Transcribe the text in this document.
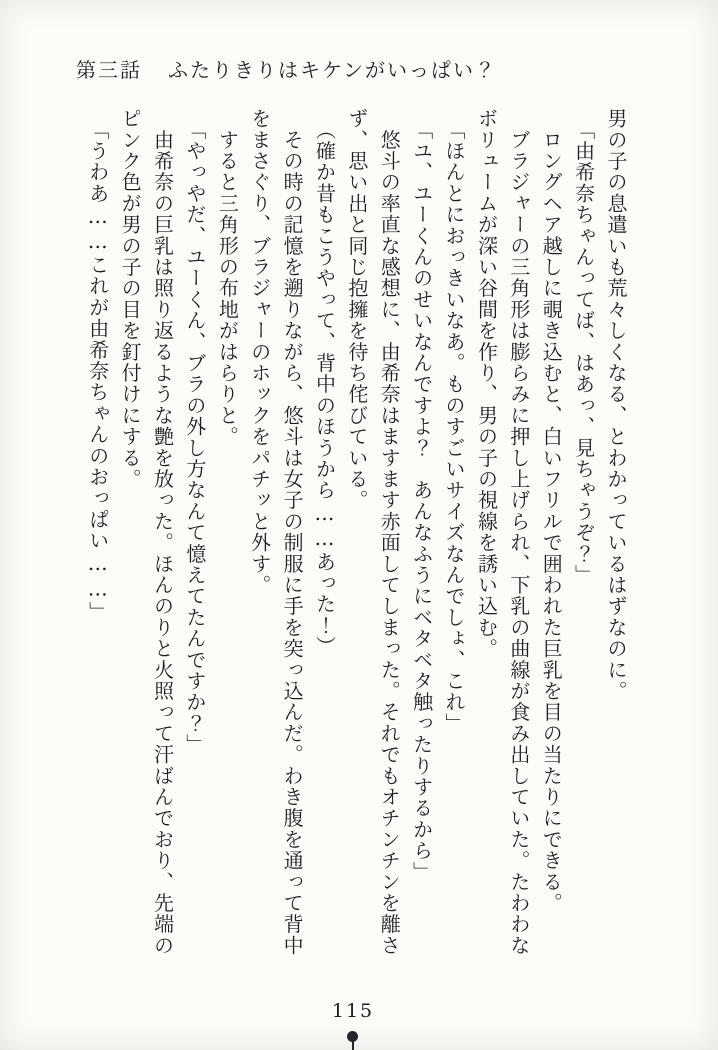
第三話 ふたりきりはキケンがいっぱい？

男の子の息遣いも荒々しくなる、とわかっているはずなのに。

　「由希奈ちゃんってば、はあっ、見ちゃうぞ？」

　ロングヘア越しに覗き込むと、白いフリルで囲われた巨乳を目の当たりにできる。

　ブラジャーの三角形は膨らみに押し上げられ、下乳の曲線が食み出していた。たわわな

ボリュームが深い谷間を作り、男の子の視線を誘い込む。

　「ほんとにおっきいなあ。ものすごいサイズなんでしょ、これ」

　「ユ、ユーくんのせいなんですよ？　あんなふうにベタベタ触ったりするから」

　悠斗の率直な感想に、由希奈はますます赤面してしまった。それでもオチンチンを離さ

ず、思い出と同じ抱擁を待ち侘びている。

　（確か昔もこうやって、背中のほうから……あった！）

　その時の記憶を遡りながら、悠斗は女子の制服に手を突っ込んだ。わき腹を通って背中

をまさぐり、ブラジャーのホックをパチッと外す。

　すると三角形の布地がはらりと。

　「やっやだ、ユーくん、ブラの外し方なんて憶えてたんですか？」

　由希奈の巨乳は照り返るような艶を放った。ほんのりと火照って汗ばんでおり、先端の

ピンク色が男の子の目を釘付けにする。

　「うわあ……これが由希奈ちゃんのおっぱい……」

115
